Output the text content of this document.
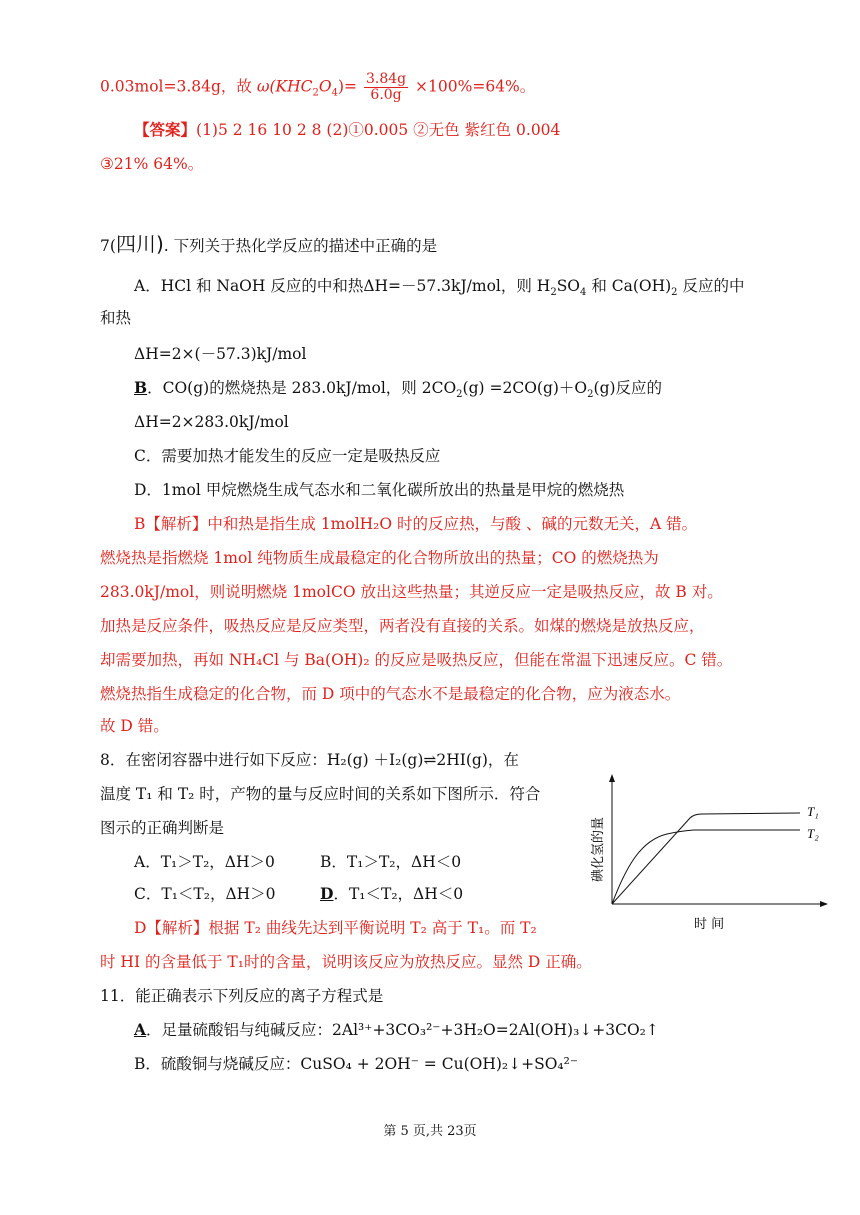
0.03mol=3.84g，故 $\omega(KHC_2O_4)= \frac{3.84g}{6.0g} \times 100\%=64\%$。
【答案】(1)5 2 16 10 2 8 (2)①0.005 ②无色 紫红色 0.004
③21% 64%。
7(四川). 下列关于热化学反应的描述中正确的是
A．HCl 和 NaOH 反应的中和热ΔH=－57.3kJ/mol，则 $H_2SO_4$ 和 $Ca(OH)_2$ 反应的中
和热
ΔH=2×(－57.3)kJ/mol
B．CO(g)的燃烧热是 283.0kJ/mol，则 $2CO_2(g) =2CO(g)+O_2(g)$反应的
ΔH=2×283.0kJ/mol
C．需要加热才能发生的反应一定是吸热反应
D．1mol 甲烷燃烧生成气态水和二氧化碳所放出的热量是甲烷的燃烧热
B【解析】中和热是指生成 1molH₂O 时的反应热，与酸 、碱的元数无关，A 错。
燃烧热是指燃烧 1mol 纯物质生成最稳定的化合物所放出的热量；CO 的燃烧热为
283.0kJ/mol，则说明燃烧 1molCO 放出这些热量；其逆反应一定是吸热反应，故 B 对。
加热是反应条件，吸热反应是反应类型，两者没有直接的关系。如煤的燃烧是放热反应，
却需要加热，再如 NH₄Cl 与 Ba(OH)₂ 的反应是吸热反应，但能在常温下迅速反应。C 错。
燃烧热指生成稳定的化合物，而 D 项中的气态水不是最稳定的化合物，应为液态水。
故 D 错。
8．在密闭容器中进行如下反应：H₂(g) ＋I₂(g)⇌2HI(g)，在
温度 T₁ 和 T₂ 时，产物的量与反应时间的关系如下图所示．符合
图示的正确判断是
A．T₁＞T₂，ΔH＞0	B．T₁＞T₂，ΔH＜0
C．T₁＜T₂，ΔH＞0	D．T₁＜T₂，ΔH＜0
D【解析】根据 T₂ 曲线先达到平衡说明 T₂ 高于 T₁。而 T₂
时 HI 的含量低于 T₁时的含量，说明该反应为放热反应。显然 D 正确。
T₁
T₂
碘化氢的量
时 间
11．能正确表示下列反应的离子方程式是
A．足量硫酸铝与纯碱反应：2Al³⁺+3CO₃²⁻+3H₂O=2Al(OH)₃↓+3CO₂↑
B．硫酸铜与烧碱反应：CuSO₄ + 2OH⁻ = Cu(OH)₂↓+SO₄²⁻
第 5 页,共 23页
